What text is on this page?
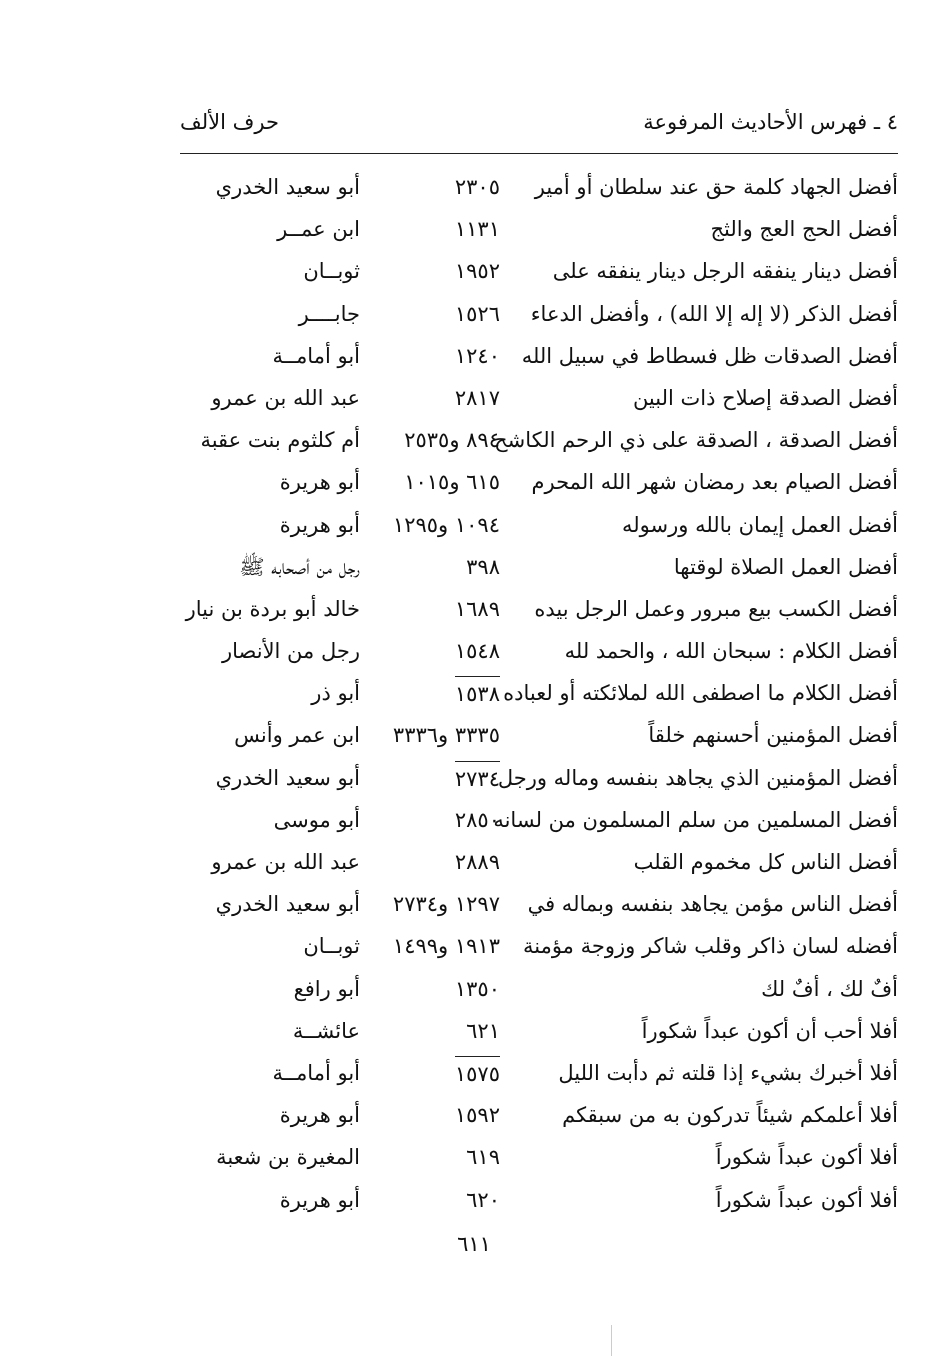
٤ ـ فهرس الأحاديث المرفوعة
حرف الألف
أفضل الجهاد كلمة حق عند سلطان أو أمير
٢٣٠٥
أبو سعيد الخدري
أفضل الحج العج والثج
١١٣١
ابن عمــر
أفضل دينار ينفقه الرجل دينار ينفقه على
١٩٥٢
ثوبــان
أفضل الذكر (لا إله إلا الله) ، وأفضل الدعاء
١٥٢٦
جابــــر
أفضل الصدقات ظل فسطاط في سبيل الله
١٢٤٠
أبو أمامــة
أفضل الصدقة إصلاح ذات البين
٢٨١٧
عبد الله بن عمرو
أفضل الصدقة ، الصدقة على ذي الرحم الكاشح
٨٩٤ و٢٥٣٥
أم كلثوم بنت عقبة
أفضل الصيام بعد رمضان شهر الله المحرم
٦١٥ و١٠١٥
أبو هريرة
أفضل العمل إيمان بالله ورسوله
١٠٩٤ و١٢٩٥
أبو هريرة
أفضل العمل الصلاة لوقتها
٣٩٨
رجل من أصحابه ﷺ
أفضل الكسب بيع مبرور وعمل الرجل بيده
١٦٨٩
خالد أبو بردة بن نيار
أفضل الكلام : سبحان الله ، والحمد لله
١٥٤٨
رجل من الأنصار
أفضل الكلام ما اصطفى الله لملائكته أو لعباده
١٥٣٨
أبو ذر
أفضل المؤمنين أحسنهم خلقاً
٣٣٣٥ و٣٣٣٦
ابن عمر وأنس
أفضل المؤمنين الذي يجاهد بنفسه وماله ورجل
٢٧٣٤
أبو سعيد الخدري
أفضل المسلمين من سلم المسلمون من لسانه
٢٨٥٠
أبو موسى
أفضل الناس كل مخموم القلب
٢٨٨٩
عبد الله بن عمرو
أفضل الناس مؤمن يجاهد بنفسه وبماله في
١٢٩٧ و٢٧٣٤
أبو سعيد الخدري
أفضله لسان ذاكر وقلب شاكر وزوجة مؤمنة
١٩١٣ و١٤٩٩
ثوبــان
أفٌ لك ، أفٌ لك
١٣٥٠
أبو رافع
أفلا أحب أن أكون عبداً شكوراً
٦٢١
عائشــة
أفلا أخبرك بشيء إذا قلته ثم دأبت الليل
١٥٧٥
أبو أمامــة
أفلا أعلمكم شيئاً تدركون به من سبقكم
١٥٩٢
أبو هريرة
أفلا أكون عبداً شكوراً
٦١٩
المغيرة بن شعبة
أفلا أكون عبداً شكوراً
٦٢٠
أبو هريرة
٦١١
